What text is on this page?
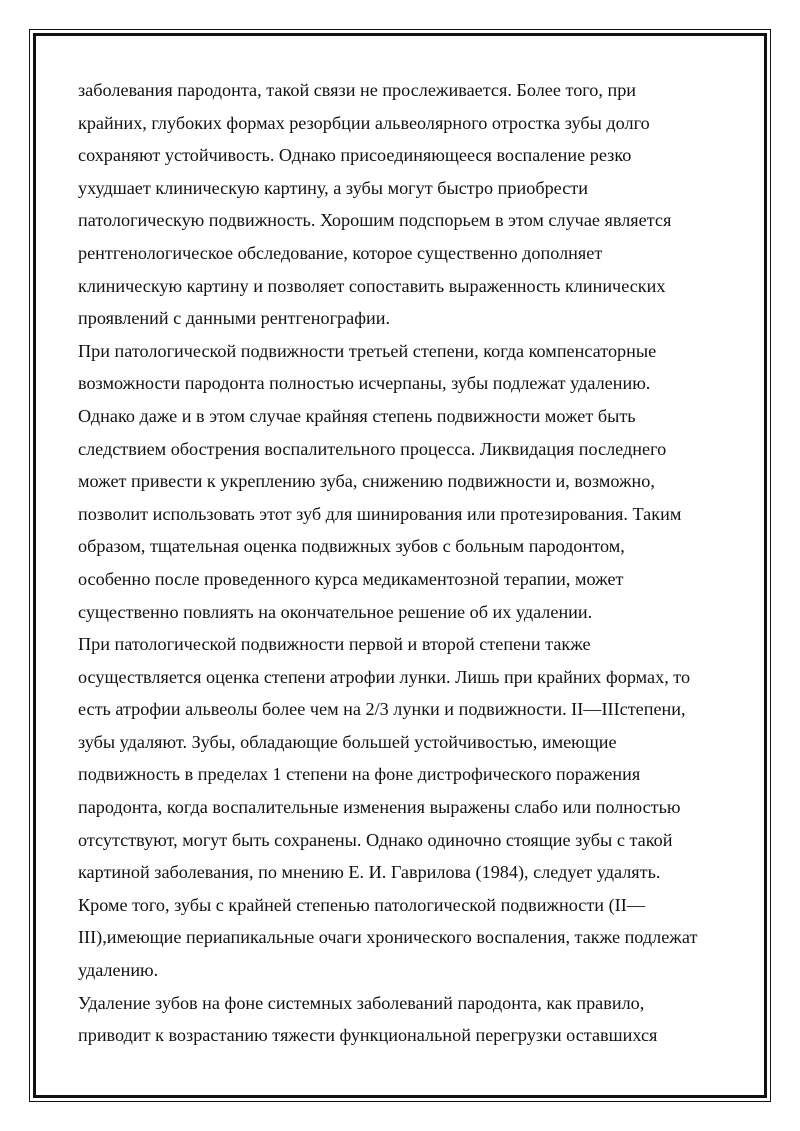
заболевания пародонта, такой связи не прослеживается. Более того, при
крайних, глубоких формах резорбции альвеолярного отростка зубы долго
сохраняют устойчивость. Однако присоединяющееся воспаление резко
ухудшает клиническую картину, а зубы могут быстро приобрести
патологическую подвижность. Хорошим подспорьем в этом случае является
рентгенологическое обследование, которое существенно дополняет
клиническую картину и позволяет сопоставить выраженность клинических
проявлений с данными рентгенографии.
При патологической подвижности третьей степени, когда компенсаторные
возможности пародонта полностью исчерпаны, зубы подлежат удалению.
Однако даже и в этом случае крайняя степень подвижности может быть
следствием обострения воспалительного процесса. Ликвидация последнего
может привести к укреплению зуба, снижению подвижности и, возможно,
позволит использовать этот зуб для шинирования или протезирования. Таким
образом, тщательная оценка подвижных зубов с больным пародонтом,
особенно после проведенного курса медикаментозной терапии, может
существенно повлиять на окончательное решение об их удалении.
При патологической подвижности первой и второй степени также
осуществляется оценка степени атрофии лунки. Лишь при крайних формах, то
есть атрофии альвеолы более чем на 2/3 лунки и подвижности. II—IIIстепени,
зубы удаляют. Зубы, обладающие большей устойчивостью, имеющие
подвижность в пределах 1 степени на фоне дистрофического поражения
пародонта, когда воспалительные изменения выражены слабо или полностью
отсутствуют, могут быть сохранены. Однако одиночно стоящие зубы с такой
картиной заболевания, по мнению Е. И. Гаврилова (1984), следует удалять.
Кроме того, зубы с крайней степенью патологической подвижности (II—
III),имеющие периапикальные очаги хронического воспаления, также подлежат
удалению.
Удаление зубов на фоне системных заболеваний пародонта, как правило,
приводит к возрастанию тяжести функциональной перегрузки оставшихся
